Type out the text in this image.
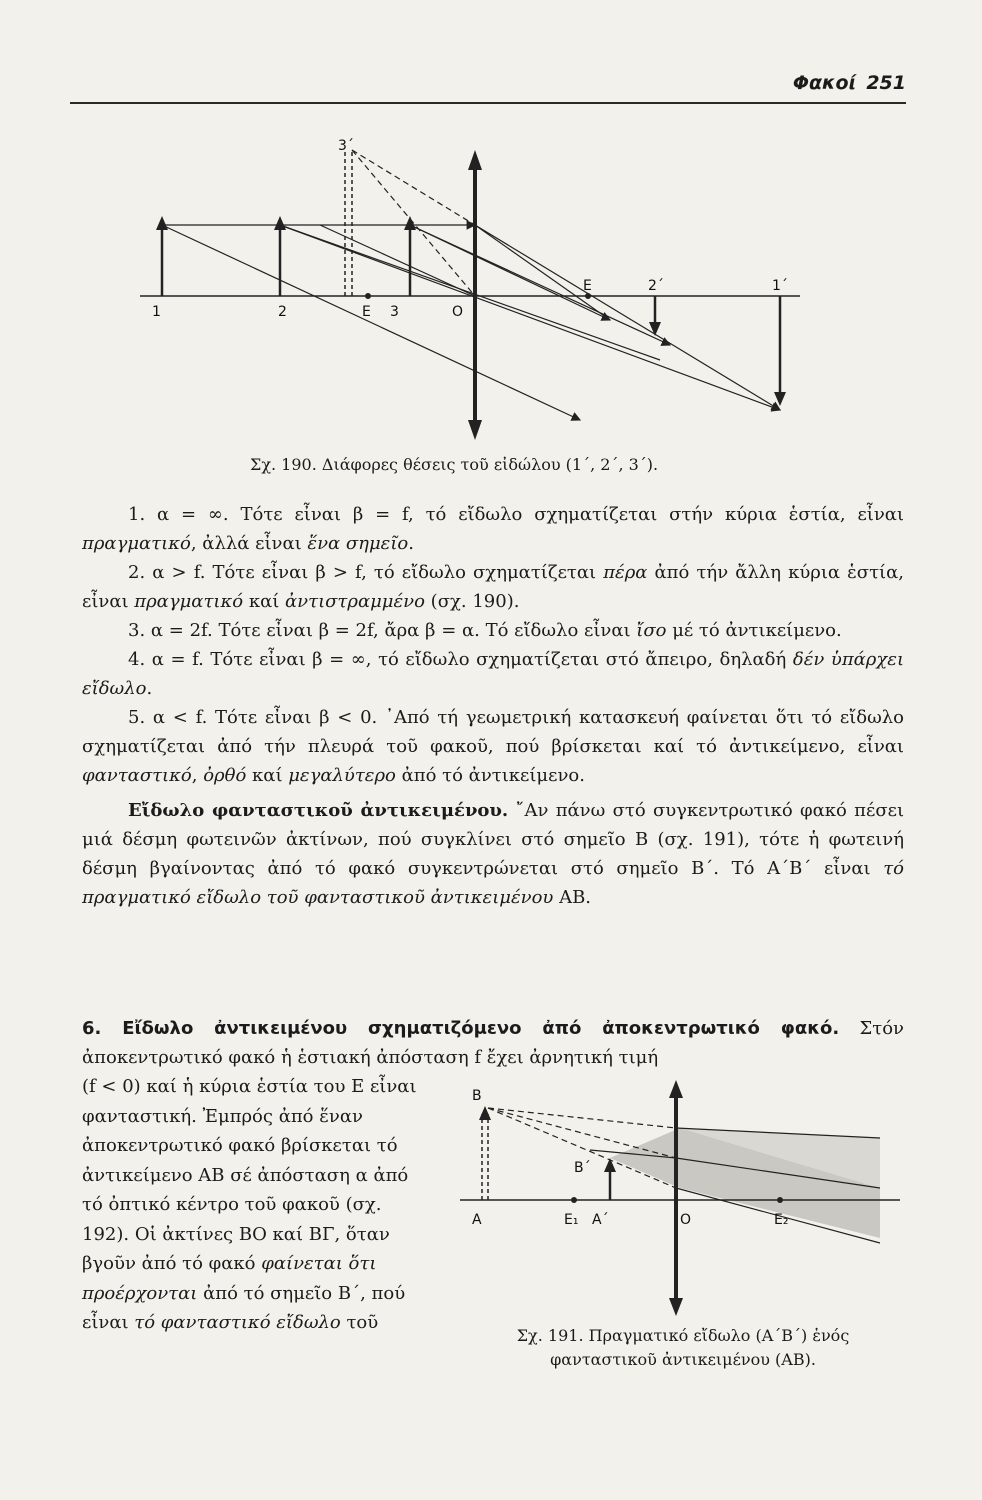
Φακοί 251
3΄
1	2	Ε 3	Ο
Ε	2΄	1΄
Σχ. 190. Διάφορες θέσεις τοῦ εἰδώλου (1΄, 2΄, 3΄).

1. α = ∞. Τότε εἶναι β = f, τό εἴδωλο σχηματίζεται στήν κύρια ἑστία, εἶναι πραγματικό, ἀλλά εἶναι ἕνα σημεῖο.

2. α > f. Τότε εἶναι β > f, τό εἴδωλο σχηματίζεται πέρα ἀπό τήν ἄλλη κύρια ἑστία, εἶναι πραγματικό καί ἀντιστραμμένο (σχ. 190).

3. α = 2f. Τότε εἶναι β = 2f, ἄρα β = α. Τό εἴδωλο εἶναι ἴσο μέ τό ἀντικείμενο.

4. α = f. Τότε εἶναι β = ∞, τό εἴδωλο σχηματίζεται στό ἄπειρο, δηλαδή δέν ὑπάρχει εἴδωλο.

5. α < f. Τότε εἶναι β < 0. ᾿Από τή γεωμετρική κατασκευή φαίνεται ὅτι τό εἴδωλο σχηματίζεται ἀπό τήν πλευρά τοῦ φακοῦ, πού βρίσκεται καί τό ἀντικείμενο, εἶναι φανταστικό, ὀρθό καί μεγαλύτερο ἀπό τό ἀντικείμενο.

Εἴδωλο φανταστικοῦ ἀντικειμένου. ῎Αν πάνω στό συγκεντρωτικό φακό πέσει μιά δέσμη φωτεινῶν ἀκτίνων, πού συγκλίνει στό σημεῖο Β (σχ. 191), τότε ἡ φωτεινή δέσμη βγαίνοντας ἀπό τό φακό συγκεντρώνεται στό σημεῖο Β΄. Τό Α΄Β΄ εἶναι τό πραγματικό εἴδωλο τοῦ φανταστικοῦ ἀντικειμένου ΑΒ.

6. Εἴδωλο ἀντικειμένου σχηματιζόμενο ἀπό ἀποκεντρωτικό φακό. Στόν ἀποκεντρωτικό φακό ἡ ἑστιακή ἀπόσταση f ἔχει ἀρνητική τιμή
(f < 0) καί ἡ κύρια ἑστία του Ε εἶναι φανταστική. Ἐμπρός ἀπό ἕναν ἀποκεντρωτικό φακό βρίσκεται τό ἀντικείμενο ΑΒ σέ ἀπόσταση α ἀπό τό ὀπτικό κέντρο τοῦ φακοῦ (σχ. 192). Οἱ ἀκτίνες ΒΟ καί ΒΓ, ὅταν βγοῦν ἀπό τό φακό φαίνεται ὅτι προέρχονται ἀπό τό σημεῖο Β΄, πού εἶναι τό φανταστικό εἴδωλο τοῦ
Β
Β΄
Α	Ε₁ Α΄	Ο	Ε₂
Σχ. 191. Πραγματικό εἴδωλο (Α΄Β΄) ἑνός
φανταστικοῦ ἀντικειμένου (ΑΒ).
